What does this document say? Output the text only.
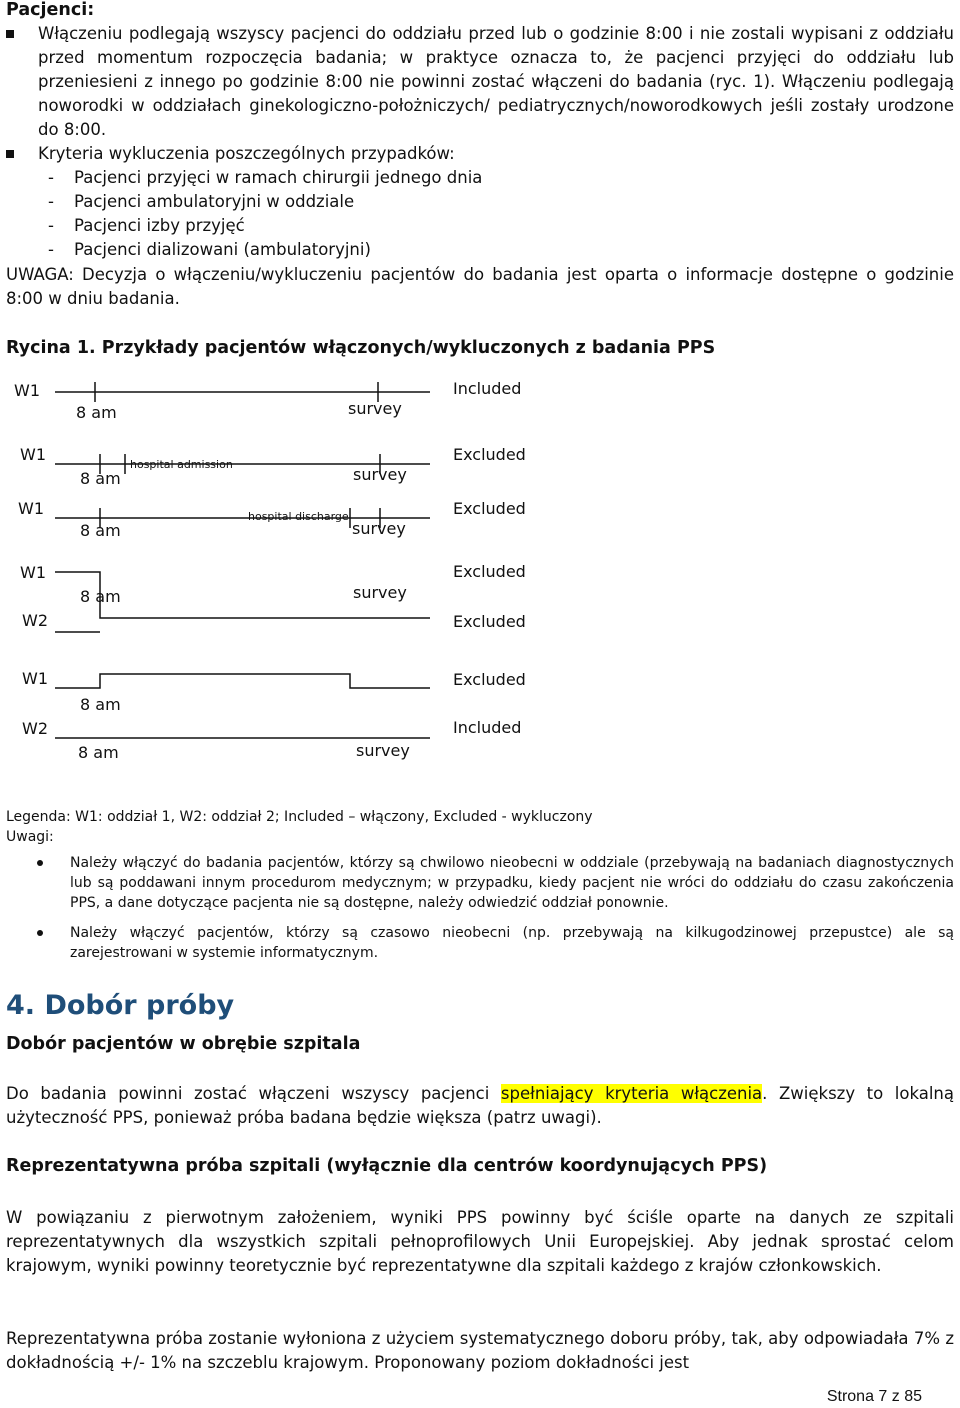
Pacjenci:
Włączeniu podlegają wszyscy pacjenci do oddziału przed lub o godzinie 8:00 i nie zostali wypisani z oddziału przed momentum rozpoczęcia badania; w praktyce oznacza to, że pacjenci przyjęci do oddziału lub przeniesieni z innego po godzinie 8:00 nie powinni zostać włączeni do badania (ryc. 1). Włączeniu podlegają noworodki w oddziałach ginekologiczno-położniczych/ pediatrycznych/noworodkowych jeśli zostały urodzone do 8:00.
Kryteria wykluczenia poszczególnych przypadków:
- Pacjenci przyjęci w ramach chirurgii jednego dnia
- Pacjenci ambulatoryjni w oddziale
- Pacjenci izby przyjęć
- Pacjenci dializowani (ambulatoryjni)
UWAGA: Decyzja o włączeniu/wykluczeniu pacjentów do badania jest oparta o informacje dostępne o godzinie 8:00 w dniu badania.
Rycina 1. Przykłady pacjentów włączonych/wykluczonych z badania PPS
W1
8 am	survey
Included
W1
8 am	survey
Excluded
hospital admission
W1
8 am	survey
Excluded
hospital discharge
W1
8 am	survey
Excluded
W2	Excluded
W1
8 am
Excluded
W2
8 am	survey
Included
Legenda: W1: oddział 1, W2: oddział 2; Included – włączony, Excluded - wykluczony
Uwagi:
Należy włączyć do badania pacjentów, którzy są chwilowo nieobecni w oddziale (przebywają na badaniach diagnostycznych lub są poddawani innym procedurom medycznym; w przypadku, kiedy pacjent nie wróci do oddziału do czasu zakończenia PPS, a dane dotyczące pacjenta nie są dostępne, należy odwiedzić oddział ponownie.
Należy włączyć pacjentów, którzy są czasowo nieobecni (np. przebywają na kilkugodzinowej przepustce) ale są zarejestrowani w systemie informatycznym.
4. Dobór próby
Dobór pacjentów w obrębie szpitala
Do badania powinni zostać włączeni wszyscy pacjenci spełniający kryteria włączenia. Zwiększy to lokalną użyteczność PPS, ponieważ próba badana będzie większa (patrz uwagi).
Reprezentatywna próba szpitali (wyłącznie dla centrów koordynujących PPS)
W powiązaniu z pierwotnym założeniem, wyniki PPS powinny być ściśle oparte na danych ze szpitali reprezentatywnych dla wszystkich szpitali pełnoprofilowych Unii Europejskiej. Aby jednak sprostać celom krajowym, wyniki powinny teoretycznie być reprezentatywne dla szpitali każdego z krajów członkowskich.
Reprezentatywna próba zostanie wyłoniona z użyciem systematycznego doboru próby, tak, aby odpowiadała 7% z dokładnością +/- 1% na szczeblu krajowym. Proponowany poziom dokładności jest
Strona 7 z 85
